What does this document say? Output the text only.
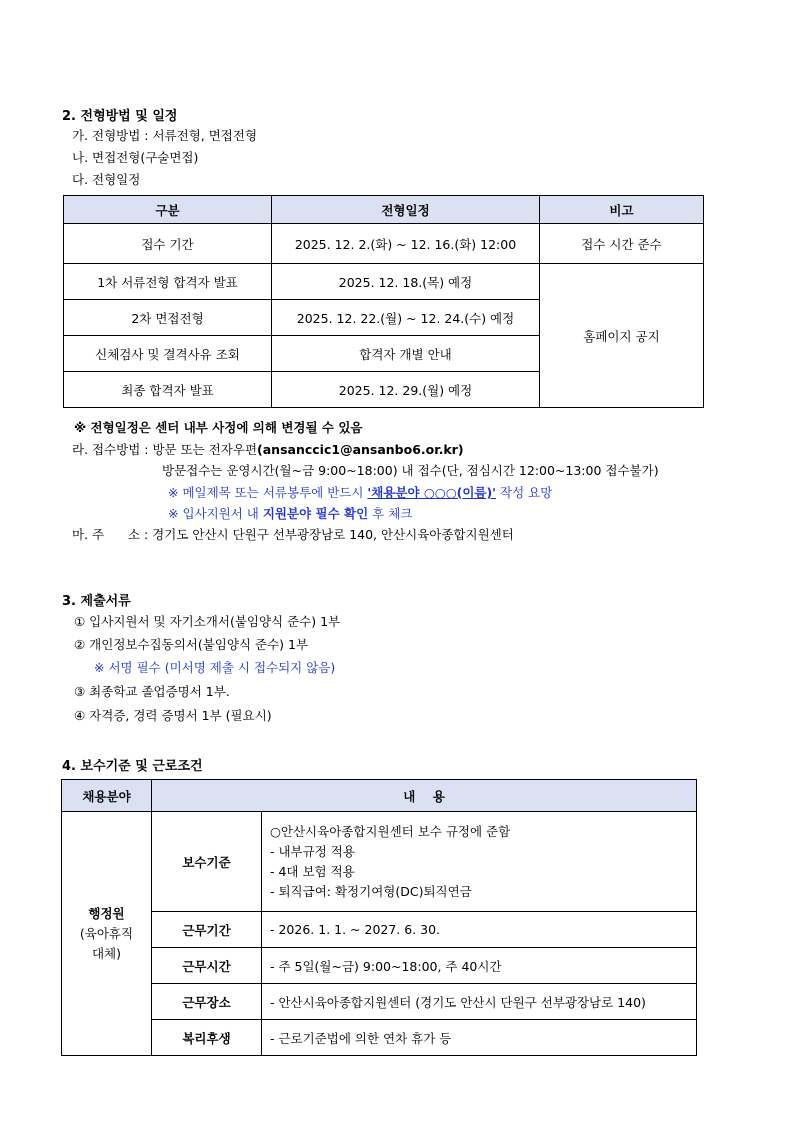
2. 전형방법 및 일정
가. 전형방법 : 서류전형, 면접전형
나. 면접전형(구술면접)
다. 전형일정
구분	전형일정	비고
접수 기간	2025. 12. 2.(화) ~ 12. 16.(화) 12:00	접수 시간 준수
1차 서류전형 합격자 발표	2025. 12. 18.(목) 예정	홈페이지 공지
2차 면접전형	2025. 12. 22.(월) ~ 12. 24.(수) 예정	
신체검사 및 결격사유 조회	합격자 개별 안내	
최종 합격자 발표	2025. 12. 29.(월) 예정	
※ 전형일정은 센터 내부 사정에 의해 변경될 수 있음
라. 접수방법 : 방문 또는 전자우편(ansanccic1@ansanbo6.or.kr)
방문접수는 운영시간(월~금 9:00~18:00) 내 접수(단, 점심시간 12:00~13:00 접수불가)
※ 메일제목 또는 서류봉투에 반드시 '채용분야 ○○○(이름)' 작성 요망
※ 입사지원서 내 지원분야 필수 확인 후 체크
마. 주      소 : 경기도 안산시 단원구 선부광장남로 140, 안산시육아종합지원센터
3. 제출서류
① 입사지원서 및 자기소개서(붙임양식 준수) 1부
② 개인정보수집동의서(붙임양식 준수) 1부
※ 서명 필수 (미서명 제출 시 접수되지 않음)
③ 최종학교 졸업증명서 1부.
④ 자격증, 경력 증명서 1부 (필요시)
4. 보수기준 및 근로조건
채용분야	내    용	

행정원
(육아휴직
대체)	보수기준	○안산시육아종합지원센터 보수 규정에 준함
- 내부규정 적용
- 4대 보험 적용
- 퇴직급여: 확정기여형(DC)퇴직연금

	근무기간	- 2026. 1. 1. ~ 2027. 6. 30.
	근무시간	- 주 5일(월~금) 9:00~18:00, 주 40시간
	근무장소	- 안산시육아종합지원센터 (경기도 안산시 단원구 선부광장남로 140)
	복리후생	- 근로기준법에 의한 연차 휴가 등
